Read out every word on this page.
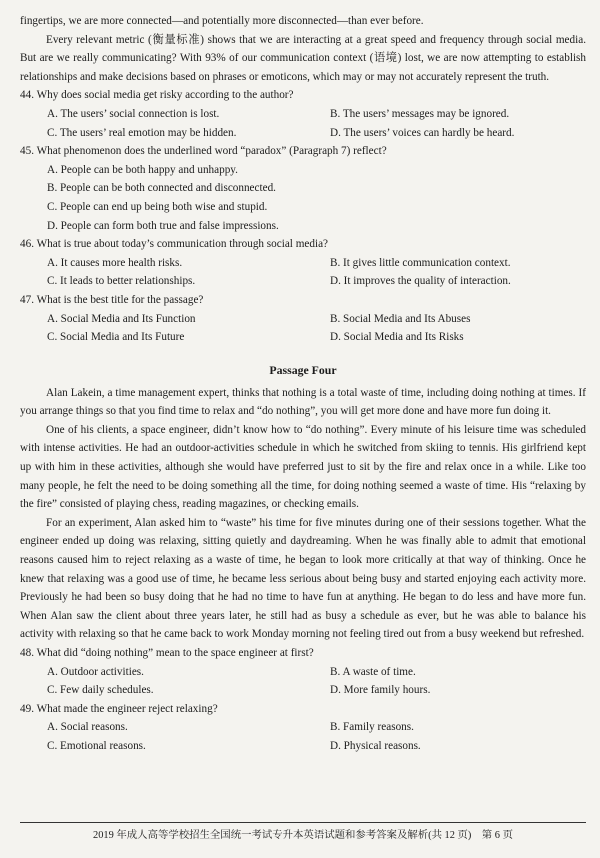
fingertips, we are more connected—and potentially more disconnected—than ever before.

Every relevant metric (衡量标准) shows that we are interacting at a great speed and frequency through social media. But are we really communicating? With 93% of our communication context (语境) lost, we are now attempting to establish relationships and make decisions based on phrases or emoticons, which may or may not accurately represent the truth.

44. Why does social media get risky according to the author?

A. The users’ social connection is lost.	B. The users’ messages may be ignored.
C. The users’ real emotion may be hidden.	D. The users’ voices can hardly be heard.

45. What phenomenon does the underlined word “paradox” (Paragraph 7) reflect?

A. People can be both happy and unhappy.
B. People can be both connected and disconnected.
C. People can end up being both wise and stupid.
D. People can form both true and false impressions.

46. What is true about today’s communication through social media?

A. It causes more health risks.	B. It gives little communication context.
C. It leads to better relationships.	D. It improves the quality of interaction.

47. What is the best title for the passage?

A. Social Media and Its Function	B. Social Media and Its Abuses
C. Social Media and Its Future	D. Social Media and Its Risks

Passage Four

Alan Lakein, a time management expert, thinks that nothing is a total waste of time, including doing nothing at times. If you arrange things so that you find time to relax and “do nothing”, you will get more done and have more fun doing it.

One of his clients, a space engineer, didn’t know how to “do nothing”. Every minute of his leisure time was scheduled with intense activities. He had an outdoor-activities schedule in which he switched from skiing to tennis. His girlfriend kept up with him in these activities, although she would have preferred just to sit by the fire and relax once in a while. Like too many people, he felt the need to be doing something all the time, for doing nothing seemed a waste of time. His “relaxing by the fire” consisted of playing chess, reading magazines, or checking emails.

For an experiment, Alan asked him to “waste” his time for five minutes during one of their sessions together. What the engineer ended up doing was relaxing, sitting quietly and daydreaming. When he was finally able to admit that emotional reasons caused him to reject relaxing as a waste of time, he began to look more critically at that way of thinking. Once he knew that relaxing was a good use of time, he became less serious about being busy and started enjoying each activity more. Previously he had been so busy doing that he had no time to have fun at anything. He began to do less and have more fun. When Alan saw the client about three years later, he still had as busy a schedule as ever, but he was able to balance his activity with relaxing so that he came back to work Monday morning not feeling tired out from a busy weekend but refreshed.

48. What did “doing nothing” mean to the space engineer at first?

A. Outdoor activities.	B. A waste of time.
C. Few daily schedules.	D. More family hours.

49. What made the engineer reject relaxing?

A. Social reasons.	B. Family reasons.
C. Emotional reasons.	D. Physical reasons.
2019 年成人高等学校招生全国统一考试专升本英语试题和参考答案及解析(共 12 页)　第 6 页
